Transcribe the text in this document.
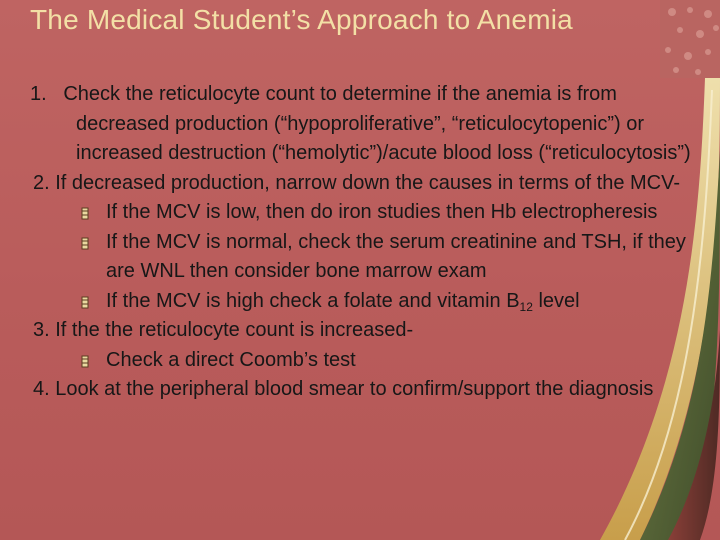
The Medical Student’s Approach to Anemia

1. Check the reticulocyte count to determine if the anemia is from decreased production (“hypoproliferative”, “reticulocytopenic”) or increased destruction (“hemolytic”)/acute blood loss (“reticulocytosis”)

2. If decreased production, narrow down the causes in terms of the MCV-

If the MCV is low, then do iron studies then Hb electropheresis

If the MCV is normal, check the serum creatinine and TSH, if they are WNL then consider bone marrow exam

If the MCV is high check a folate and vitamin $B_{12}$ level

3. If the the reticulocyte count is increased-

Check a direct Coomb’s test

4. Look at the peripheral blood smear to confirm/support the diagnosis
